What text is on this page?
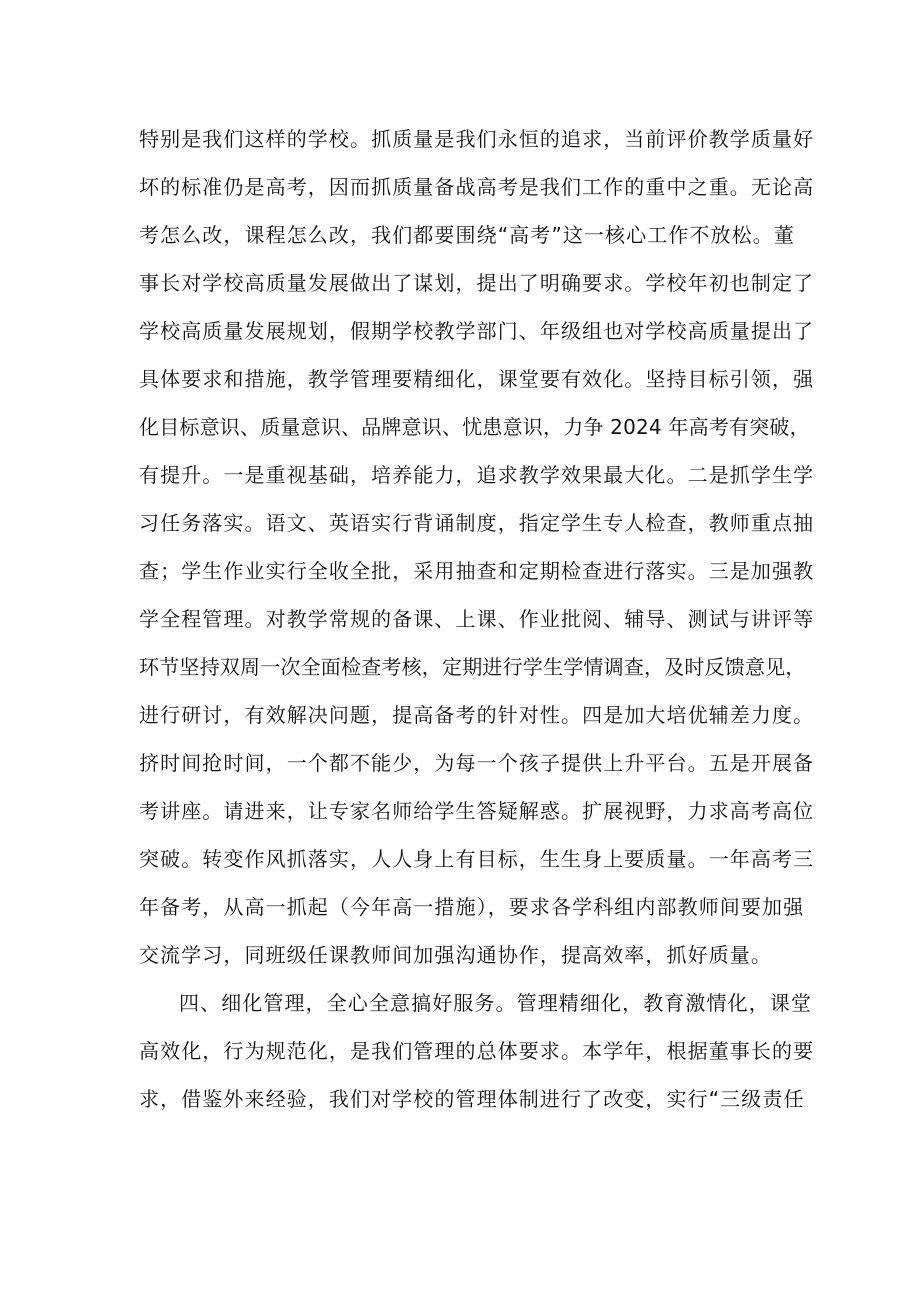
特别是我们这样的学校。抓质量是我们永恒的追求，当前评价教学质量好
坏的标准仍是高考，因而抓质量备战高考是我们工作的重中之重。无论高
考怎么改，课程怎么改，我们都要围绕“高考”这一核心工作不放松。董
事长对学校高质量发展做出了谋划，提出了明确要求。学校年初也制定了
学校高质量发展规划，假期学校教学部门、年级组也对学校高质量提出了
具体要求和措施，教学管理要精细化，课堂要有效化。坚持目标引领，强
化目标意识、质量意识、品牌意识、忧患意识，力争 2024 年高考有突破，
有提升。一是重视基础，培养能力，追求教学效果最大化。二是抓学生学
习任务落实。语文、英语实行背诵制度，指定学生专人检查，教师重点抽
查；学生作业实行全收全批，采用抽查和定期检查进行落实。三是加强教
学全程管理。对教学常规的备课、上课、作业批阅、辅导、测试与讲评等
环节坚持双周一次全面检查考核，定期进行学生学情调查，及时反馈意见，
进行研讨，有效解决问题，提高备考的针对性。四是加大培优辅差力度。
挤时间抢时间，一个都不能少，为每一个孩子提供上升平台。五是开展备
考讲座。请进来，让专家名师给学生答疑解惑。扩展视野，力求高考高位
突破。转变作风抓落实，人人身上有目标，生生身上要质量。一年高考三
年备考，从高一抓起（今年高一措施），要求各学科组内部教师间要加强
交流学习，同班级任课教师间加强沟通协作，提高效率，抓好质量。
四、细化管理，全心全意搞好服务。管理精细化，教育激情化，课堂
高效化，行为规范化，是我们管理的总体要求。本学年，根据董事长的要
求，借鉴外来经验，我们对学校的管理体制进行了改变，实行“三级责任
